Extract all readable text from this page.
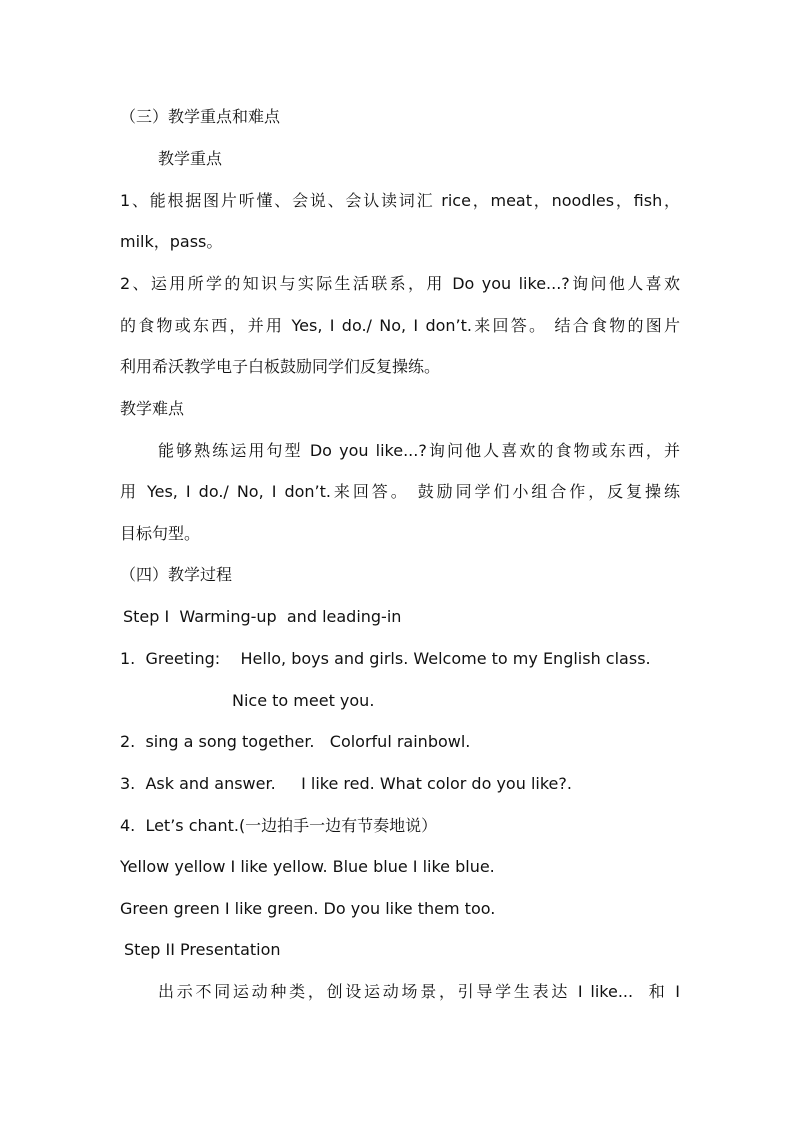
（三）教学重点和难点
教学重点
1、能根据图片听懂、会说、会认读词汇 rice，meat，noodles，fish，
milk，pass。
2、运用所学的知识与实际生活联系，用 Do you like...?询问他人喜欢
的食物或东西，并用 Yes, I do./ No, I don’t.来回答。 结合食物的图片
利用希沃教学电子白板鼓励同学们反复操练。
教学难点
能够熟练运用句型 Do you like...?询问他人喜欢的食物或东西，并
用 Yes, I do./ No, I don’t.来回答。 鼓励同学们小组合作，反复操练
目标句型。
（四）教学过程
Step I  Warming-up  and leading-in
1.  Greeting:    Hello, boys and girls. Welcome to my English class.
Nice to meet you.
2.  sing a song together.   Colorful rainbowl.
3.  Ask and answer.     I like red. What color do you like?.
4.  Let’s chant.(一边拍手一边有节奏地说）
Yellow yellow I like yellow. Blue blue I like blue.
Green green I like green. Do you like them too.
Step II Presentation
出示不同运动种类，创设运动场景，引导学生表达 I like...  和 I
